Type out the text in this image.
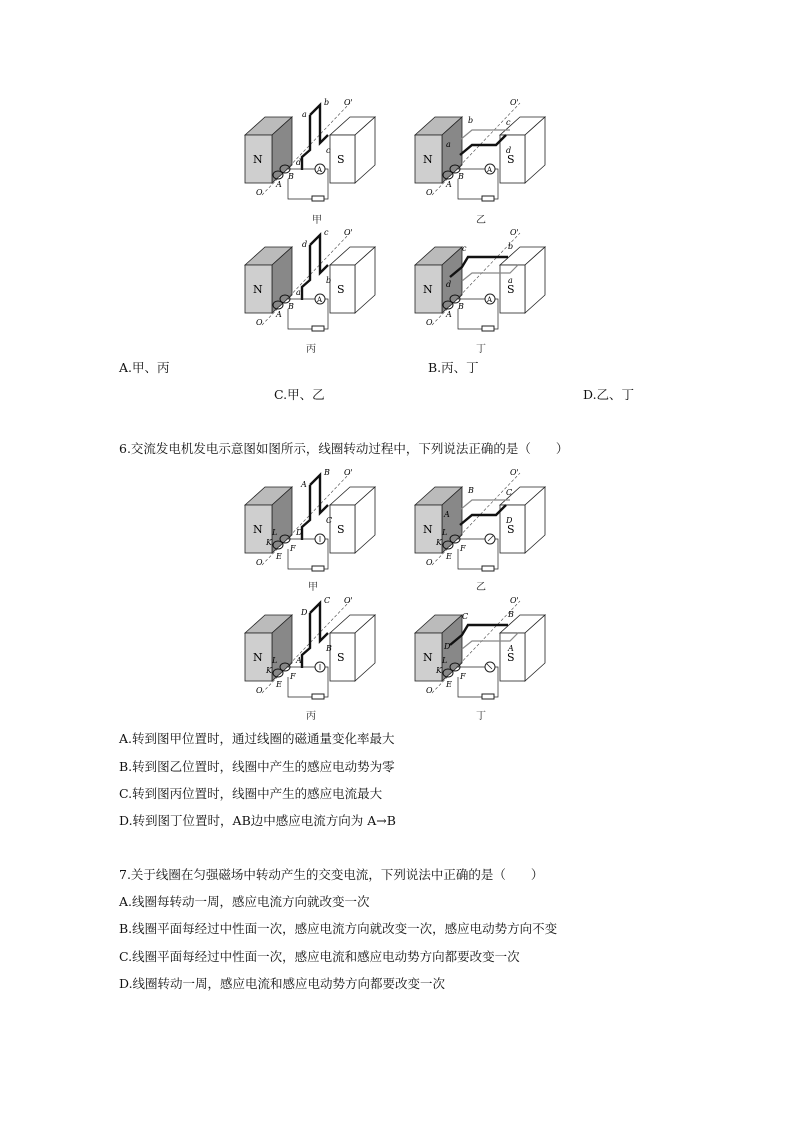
N	S
A
b
a
c
d
B
A
O'
O
甲
N	S
A
b
a
c
d
B
A
O'
O
乙
N	S
A
c
d
b
a
B
A
O'
O
丙
N	S
A
b
c
a
d
B
A
O'
O
丁
A.甲、丙	B.丙、丁
C.甲、乙	D.乙、丁
6.交流发电机发电示意图如图所示，线圈转动过程中，下列说法正确的是（　　）
N	S
B
A
C
D
L
K
F
E
O'
O
甲
N	S
B
A
C
D
L
K
F
E
O'
O
乙
N	S
C
D
B
A
L
K
F
E
O'
O
丙
N	S
B
C
A
D
L
K
F
E
O'
O
丁
A.转到图甲位置时，通过线圈的磁通量变化率最大
B.转到图乙位置时，线圈中产生的感应电动势为零
C.转到图丙位置时，线圈中产生的感应电流最大
D.转到图丁位置时，AB边中感应电流方向为 A→B
7.关于线圈在匀强磁场中转动产生的交变电流，下列说法中正确的是（　　）
A.线圈每转动一周，感应电流方向就改变一次
B.线圈平面每经过中性面一次，感应电流方向就改变一次，感应电动势方向不变
C.线圈平面每经过中性面一次，感应电流和感应电动势方向都要改变一次
D.线圈转动一周，感应电流和感应电动势方向都要改变一次
